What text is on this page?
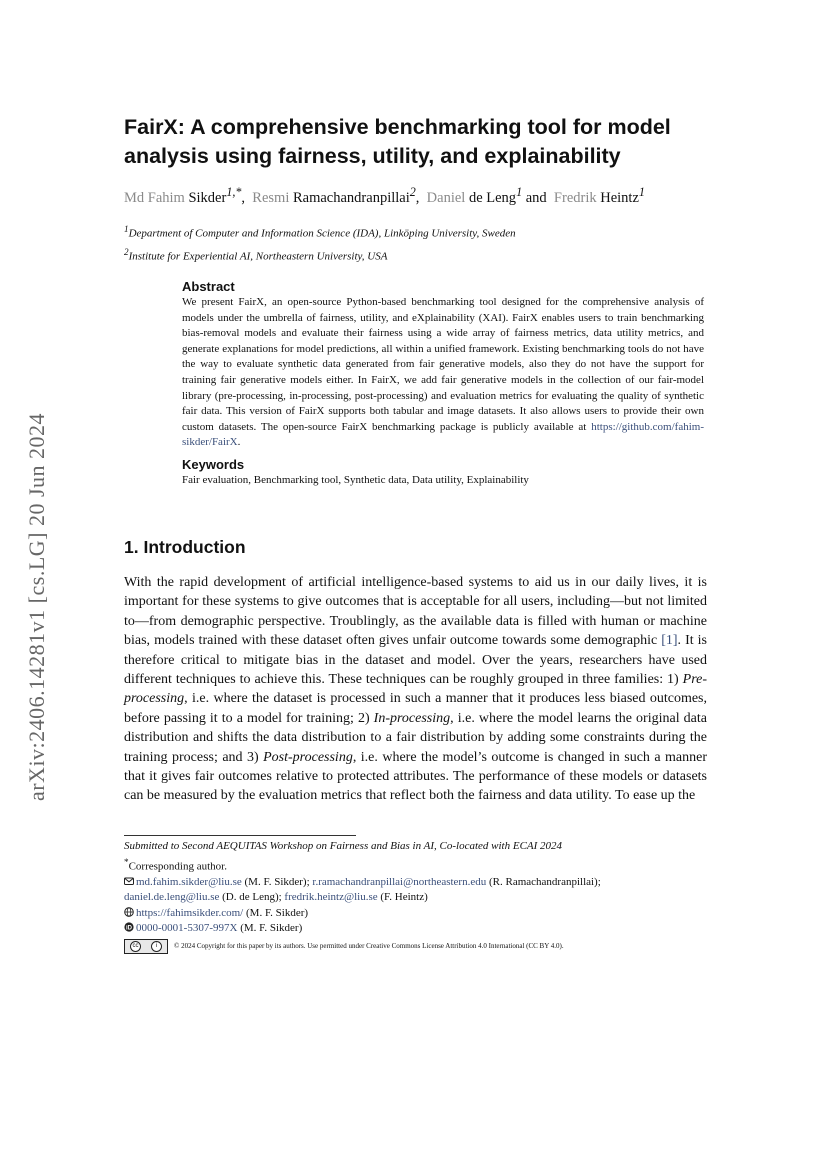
arXiv:2406.14281v1 [cs.LG] 20 Jun 2024
FairX: A comprehensive benchmarking tool for model
analysis using fairness, utility, and explainability
Md Fahim Sikder$^{1,*}$,  Resmi Ramachandranpillai$^2$,  Daniel de Leng$^1$ and Fredrik Heintz$^1$
$^1$Department of Computer and Information Science (IDA), Linköping University, Sweden
$^2$Institute for Experiential AI, Northeastern University, USA
Abstract
We present FairX, an open-source Python-based benchmarking tool designed for the comprehensive analysis of models under the umbrella of fairness, utility, and eXplainability (XAI). FairX enables users to train benchmarking bias-removal models and evaluate their fairness using a wide array of fairness metrics, data utility metrics, and generate explanations for model predictions, all within a unified framework. Existing benchmarking tools do not have the way to evaluate synthetic data generated from fair generative models, also they do not have the support for training fair generative models either. In FairX, we add fair generative models in the collection of our fair-model library (pre-processing, in-processing, post-processing) and evaluation metrics for evaluating the quality of synthetic fair data. This version of FairX supports both tabular and image datasets. It also allows users to provide their own custom datasets. The open-source FairX benchmarking package is publicly available at https://github.com/fahim-sikder/FairX.
Keywords
Fair evaluation, Benchmarking tool, Synthetic data, Data utility, Explainability
1. Introduction

With the rapid development of artificial intelligence-based systems to aid us in our daily lives, it is important for these systems to give outcomes that is acceptable for all users, including—but not limited to—from demographic perspective. Troublingly, as the available data is filled with human or machine bias, models trained with these dataset often gives unfair outcome towards some demographic [1]. It is therefore critical to mitigate bias in the dataset and model. Over the years, researchers have used different techniques to achieve this. These techniques can be roughly grouped in three families: 1) Pre-processing, i.e. where the dataset is processed in such a manner that it produces less biased outcomes, before passing it to a model for training; 2) In-processing, i.e. where the model learns the original data distribution and shifts the data distribution to a fair distribution by adding some constraints during the training process; and 3) Post-processing, i.e. where the model’s outcome is changed in such a manner that it gives fair outcomes relative to protected attributes. The performance of these models or datasets can be measured by the evaluation metrics that reflect both the fairness and data utility. To ease up the

Submitted to Second AEQUITAS Workshop on Fairness and Bias in AI, Co-located with ECAI 2024
*Corresponding author.
md.fahim.sikder@liu.se (M. F. Sikder); r.ramachandranpillai@northeastern.edu (R. Ramachandranpillai);
daniel.de.leng@liu.se (D. de Leng); fredrik.heintz@liu.se (F. Heintz)
https://fahimsikder.com/ (M. F. Sikder)
iD 0000-0001-5307-997X (M. F. Sikder)
cc	i	© 2024 Copyright for this paper by its authors. Use permitted under Creative Commons License Attribution 4.0 International (CC BY 4.0).
